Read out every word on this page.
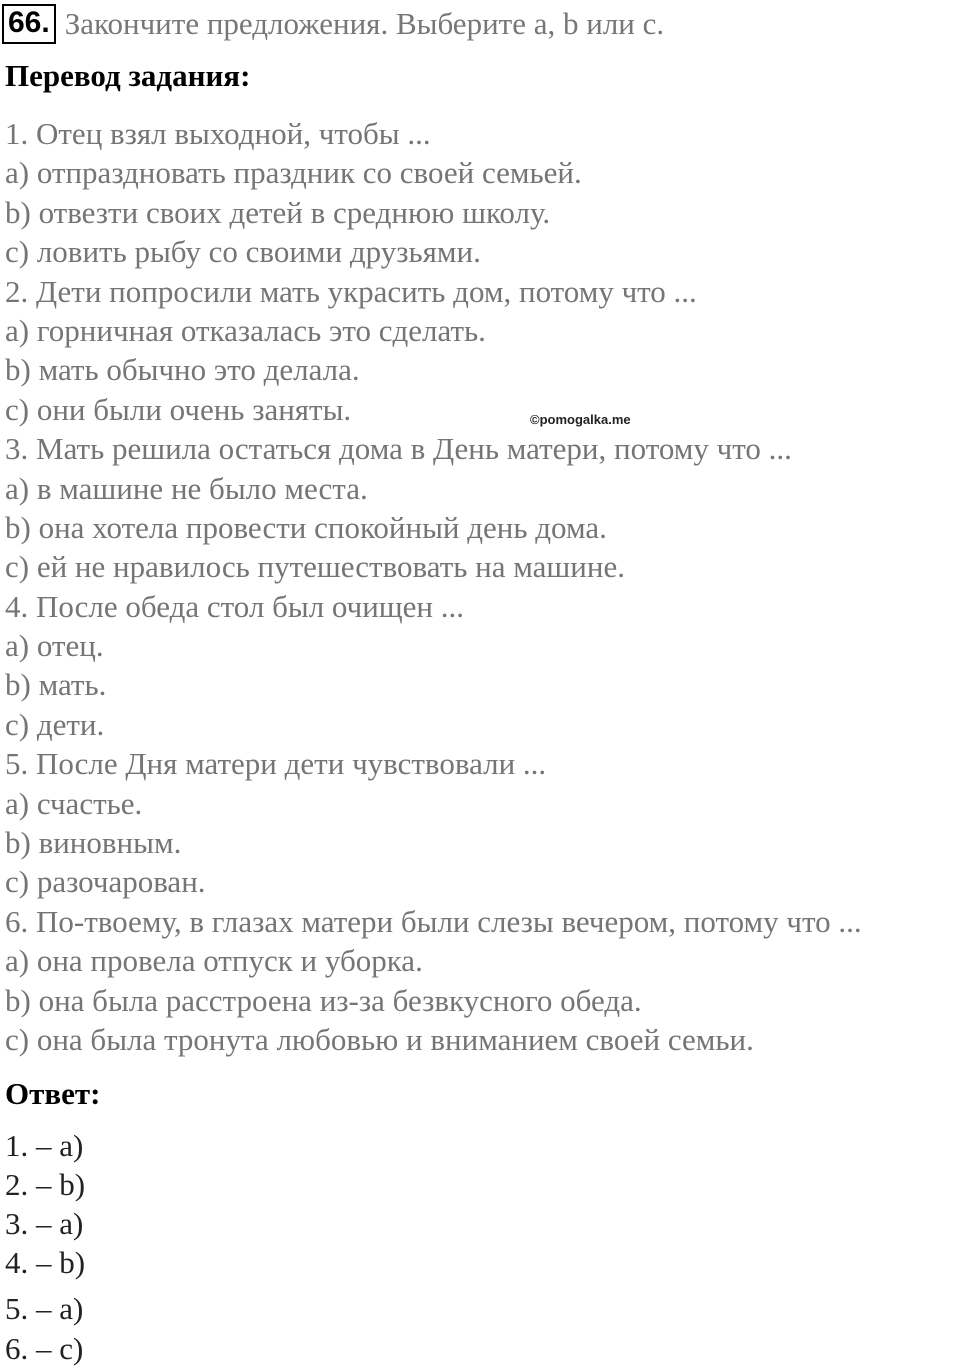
66. Закончите предложения. Выберите a, b или c.
Перевод задания:
1. Отец взял выходной, чтобы ...
a) отпраздновать праздник со своей семьей.
b) отвезти своих детей в среднюю школу.
c) ловить рыбу со своими друзьями.
2. Дети попросили мать украсить дом, потому что ...
a) горничная отказалась это сделать.
b) мать обычно это делала.
c) они были очень заняты.
3. Мать решила остаться дома в День матери, потому что ...
a) в машине не было места.
b) она хотела провести спокойный день дома.
c) ей не нравилось путешествовать на машине.
4. После обеда стол был очищен ...
a) отец.
b) мать.
c) дети.
5. После Дня матери дети чувствовали ...
a) счастье.
b) виновным.
c) разочарован.
6. По-твоему, в глазах матери были слезы вечером, потому что ...
a) она провела отпуск и уборка.
b) она была расстроена из-за безвкусного обеда.
c) она была тронута любовью и вниманием своей семьи.
©pomogalka.me
Ответ:
1. – a)
2. – b)
3. – a)
4. – b)
5. – a)
6. – c)
